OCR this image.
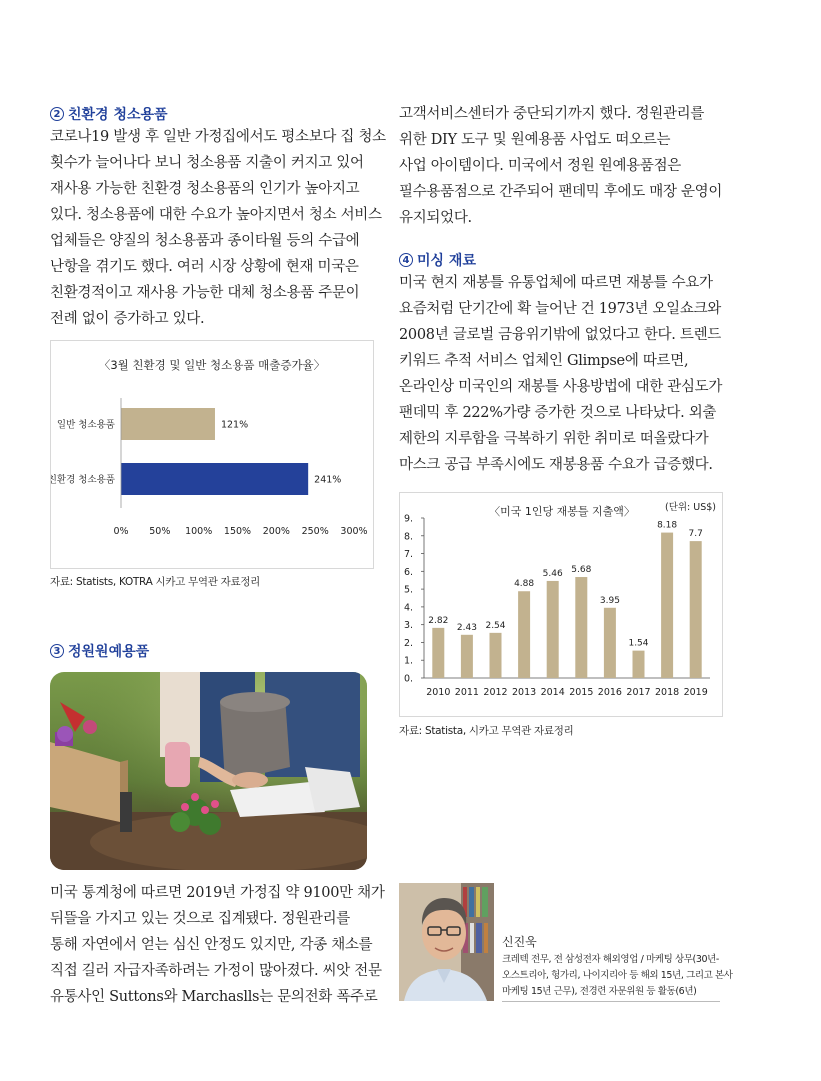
2 친환경 청소용품
코로나19 발생 후 일반 가정집에서도 평소보다 집 청소
횟수가 늘어나다 보니 청소용품 지출이 커지고 있어
재사용 가능한 친환경 청소용품의 인기가 높아지고
있다. 청소용품에 대한 수요가 높아지면서 청소 서비스
업체들은 양질의 청소용품과 종이타월 등의 수급에
난항을 겪기도 했다. 여러 시장 상황에 현재 미국은
친환경적이고 재사용 가능한 대체 청소용품 주문이
전례 없이 증가하고 있다.
〈3월 친환경 및 일반 청소용품 매출증가율〉
일반 청소용품	121%
친환경 청소용품	241%
0% 50% 100% 150% 200% 250% 300%
자료: Statists, KOTRA 시카고 무역관 자료정리
3 정원원예용품
미국 통계청에 따르면 2019년 가정집 약 9100만 채가
뒤뜰을 가지고 있는 것으로 집계됐다. 정원관리를
통해 자연에서 얻는 심신 안정도 있지만, 각종 채소를
직접 길러 자급자족하려는 가정이 많아졌다. 씨앗 전문
유통사인 Suttons와 Marchaslls는 문의전화 폭주로
고객서비스센터가 중단되기까지 했다. 정원관리를
위한 DIY 도구 및 원예용품 사업도 떠오르는
사업 아이템이다. 미국에서 정원 원예용품점은
필수용품점으로 간주되어 팬데믹 후에도 매장 운영이
유지되었다.
4 미싱 재료
미국 현지 재봉틀 유통업체에 따르면 재봉틀 수요가
요즘처럼 단기간에 확 늘어난 건 1973년 오일쇼크와
2008년 글로벌 금융위기밖에 없었다고 한다. 트렌드
키워드 추적 서비스 업체인 Glimpse에 따르면,
온라인상 미국인의 재봉틀 사용방법에 대한 관심도가
팬데믹 후 222%가량 증가한 것으로 나타났다. 외출
제한의 지루함을 극복하기 위한 취미로 떠올랐다가
마스크 공급 부족시에도 재봉용품 수요가 급증했다.
〈미국 1인당 재봉틀 지출액〉	(단위: US$)
0.
1.
2.
3.
4.
5.
6.
7.
8.
9.
2.82
2010
2.43
2011
2.54
2012
4.88
2013
5.46
2014
5.68
2015
3.95
2016
1.54
2017
8.18
2018
7.7
2019
자료: Statista, 시카고 무역관 자료정리
신진욱
크레텍 전무, 전 삼성전자 해외영업 / 마케팅 상무(30년-
오스트리아, 헝가리, 나이지리아 등 해외 15년, 그리고 본사
마케팅 15년 근무), 전경련 자문위원 등 활동(6년)
